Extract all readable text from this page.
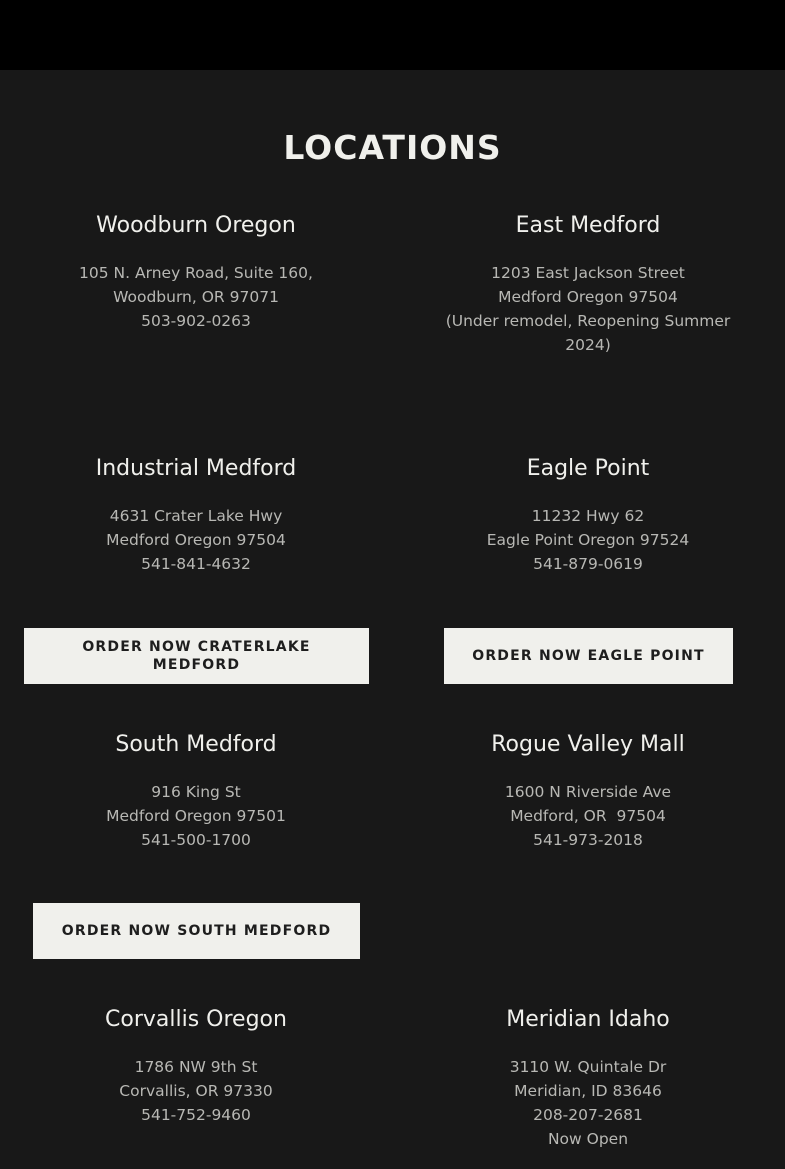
LOCATIONS
Woodburn Oregon
105 N. Arney Road, Suite 160,
Woodburn, OR 97071
503-902-0263
East Medford
1203 East Jackson Street
Medford Oregon 97504
(Under remodel, Reopening Summer 2024)
Industrial Medford
4631 Crater Lake Hwy
Medford Oregon 97504
541-841-4632
Eagle Point
11232 Hwy 62
Eagle Point Oregon 97524
541-879-0619
ORDER NOW CRATERLAKE MEDFORD
ORDER NOW EAGLE POINT
South Medford
916 King St
Medford Oregon 97501
541-500-1700
Rogue Valley Mall
1600 N Riverside Ave
Medford, OR  97504
541-973-2018
ORDER NOW SOUTH MEDFORD
Corvallis Oregon
1786 NW 9th St
Corvallis, OR 97330
541-752-9460
Meridian Idaho
3110 W. Quintale Dr
Meridian, ID 83646
208-207-2681
Now Open
